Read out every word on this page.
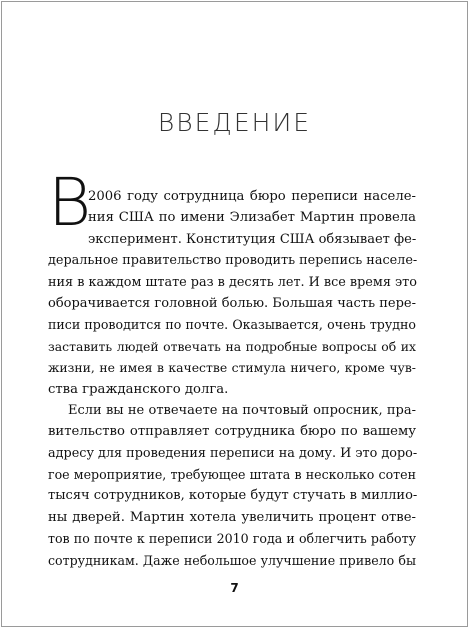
ВВЕДЕНИЕ
В
2006 году сотрудница бюро переписи населе-
ния США по имени Элизабет Мартин провела
эксперимент. Конституция США обязывает фе-
деральное правительство проводить перепись населе-
ния в каждом штате раз в десять лет. И все время это
оборачивается головной болью. Большая часть пере-
писи проводится по почте. Оказывается, очень трудно
заставить людей отвечать на подробные вопросы об их
жизни, не имея в качестве стимула ничего, кроме чув-
ства гражданского долга.
Если вы не отвечаете на почтовый опросник, пра-
вительство отправляет сотрудника бюро по вашему
адресу для проведения переписи на дому. И это доро-
гое мероприятие, требующее штата в несколько сотен
тысяч сотрудников, которые будут стучать в миллио-
ны дверей. Мартин хотела увеличить процент отве-
тов по почте к переписи 2010 года и облегчить работу
сотрудникам. Даже небольшое улучшение привело бы
7
